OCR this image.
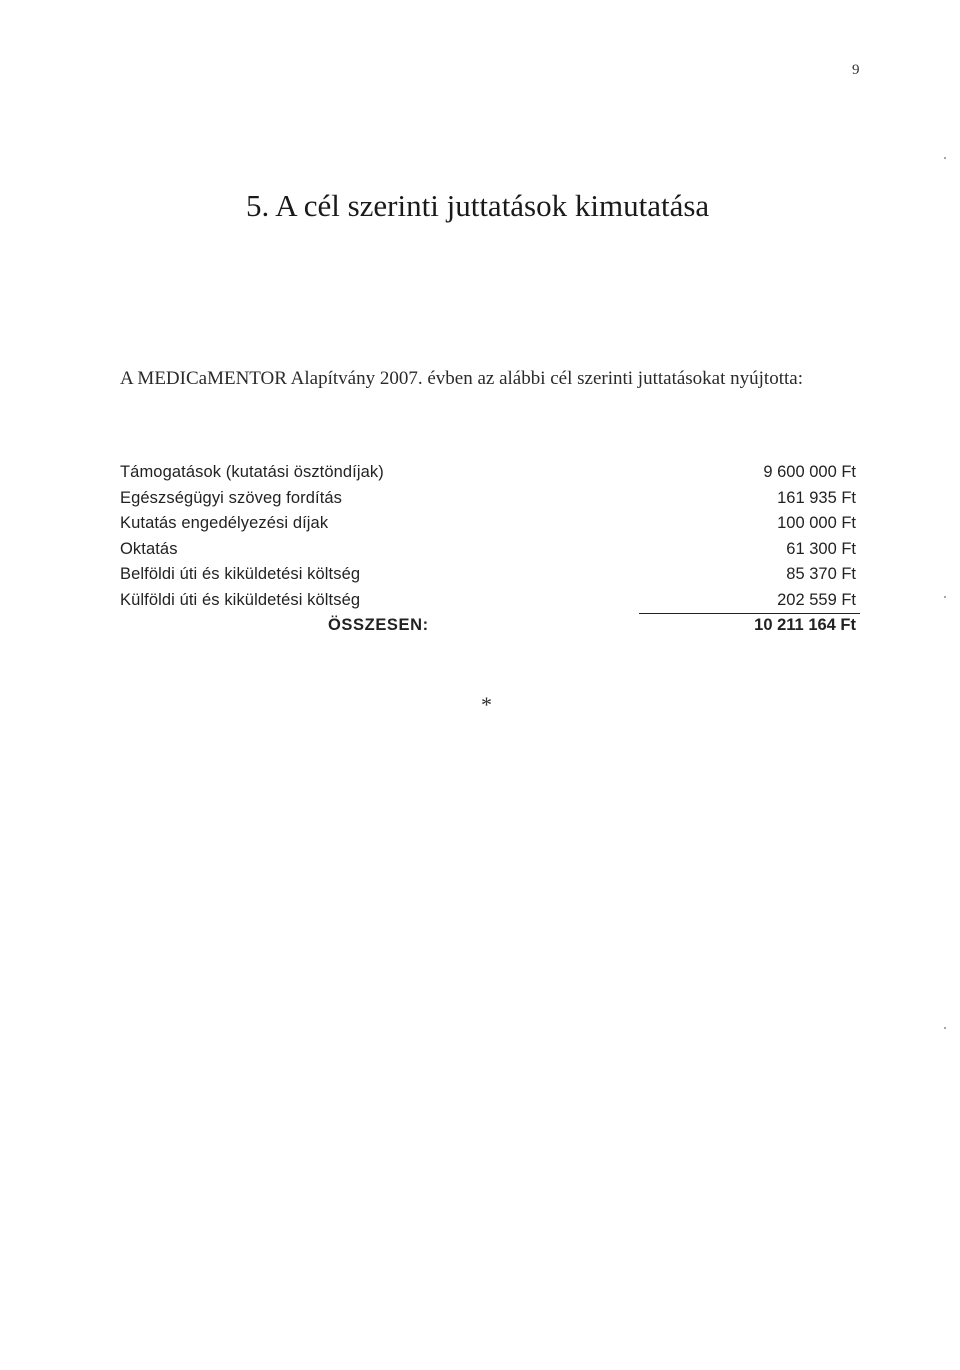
9
5. A cél szerinti juttatások kimutatása

A MEDICaMENTOR Alapítvány 2007. évben az alábbi cél szerinti juttatásokat nyújtotta:

Támogatások (kutatási ösztöndíjak)	9 600 000 Ft
Egészségügyi szöveg fordítás	161 935 Ft
Kutatás engedélyezési díjak	100 000 Ft
Oktatás	61 300 Ft
Belföldi úti és kiküldetési költség	85 370 Ft
Külföldi úti és kiküldetési költség	202 559 Ft
ÖSSZESEN:	10 211 164 Ft
*
